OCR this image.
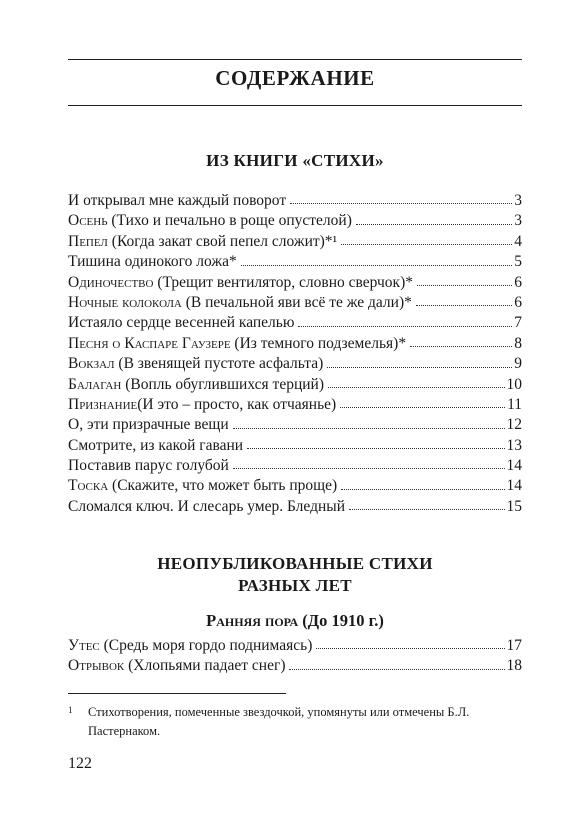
СОДЕРЖАНИЕ
ИЗ КНИГИ «СТИХИ»
И открывал мне каждый поворот	3
Осень (Тихо и печально в роще опустелой)	3
Пепел (Когда закат свой пепел сложит)*¹	4
Тишина одинокого ложа*	5
Одиночество (Трещит вентилятор, словно сверчок)*	6
Ночные колокола (В печальной яви всё те же дали)*	6
Истаяло сердце весенней капелью	7
Песня о Каспаре Гаузере (Из темного подземелья)*	8
Вокзал (В звенящей пустоте асфальта)	9
Балаган (Вопль обуглившихся терций)	10
Признание(И это – просто, как отчаянье)	11
О, эти призрачные вещи	12
Смотрите, из какой гавани	13
Поставив парус голубой	14
Тоска (Скажите, что может быть проще)	14
Сломался ключ. И слесарь умер. Бледный	15
НЕОПУБЛИКОВАННЫЕ СТИХИ
РАЗНЫХ ЛЕТ
Ранняя пора (До 1910 г.)
Утес (Средь моря гордо поднимаясь)	17
Отрывок (Хлопьями падает снег)	18
1	Стихотворения, помеченные звездочкой, упомянуты или отмечены Б.Л. Пастернаком.
122
